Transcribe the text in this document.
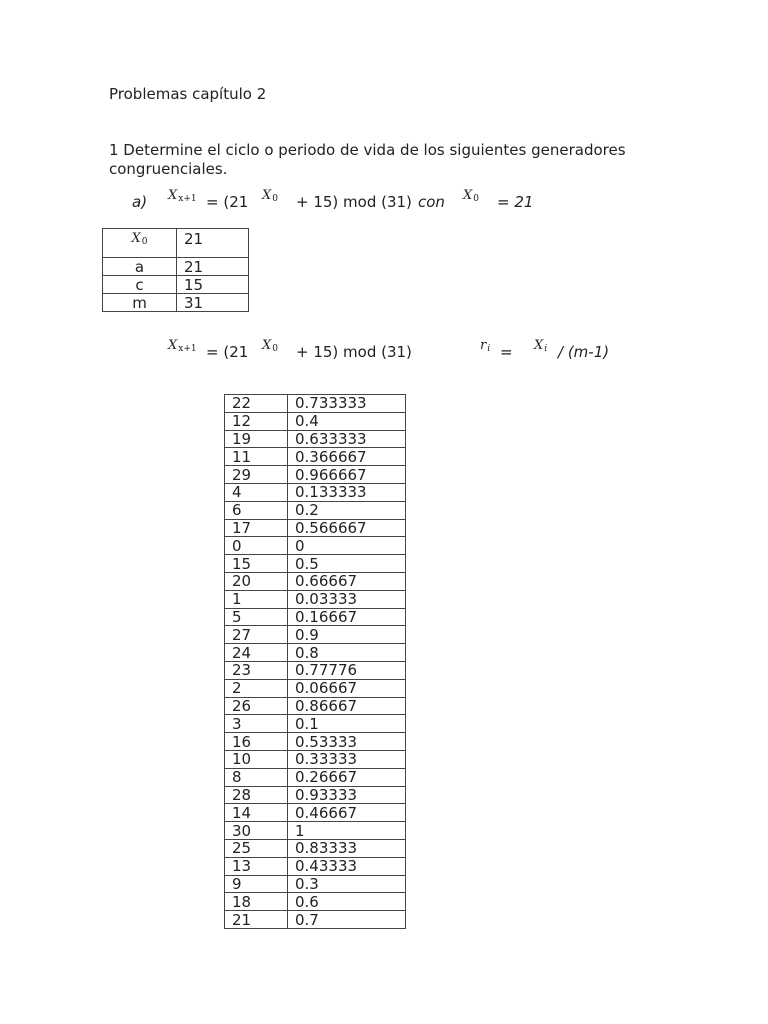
Problemas capítulo 2
1 Determine el ciclo o periodo de vida de los siguientes generadores
congruenciales.
a) $X_{x+1} = (21$ $X_0 + 15$) mod (31) con $X_0 = 21$
$X_0$	21
a	21
c	15
m	31
$X_{x+1} = (21$ $X_0 + 15$) mod (31)	$r_i = X_i / (m-1)$
22	0.733333
12	0.4
19	0.633333
11	0.366667
29	0.966667
4	0.133333
6	0.2
17	0.566667
0	0
15	0.5
20	0.66667
1	0.03333
5	0.16667
27	0.9
24	0.8
23	0.77776
2	0.06667
26	0.86667
3	0.1
16	0.53333
10	0.33333
8	0.26667
28	0.93333
14	0.46667
30	1
25	0.83333
13	0.43333
9	0.3
18	0.6
21	0.7
